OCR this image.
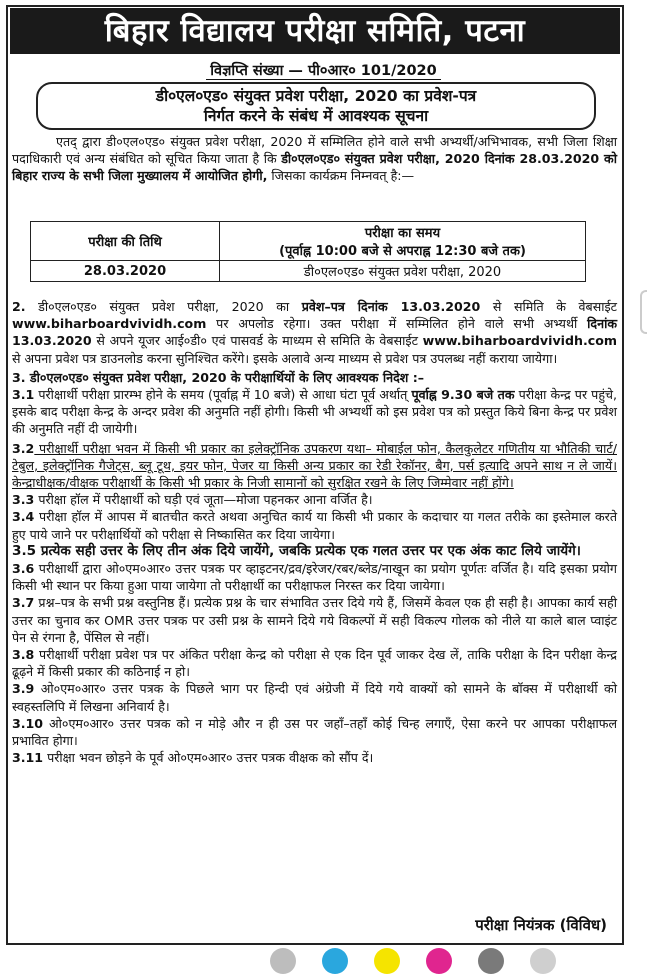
बिहार विद्यालय परीक्षा समिति, पटना
विज्ञप्ति संख्या — पी०आर० 101/2020
डी०एल०एड० संयुक्त प्रवेश परीक्षा, 2020 का प्रवेश-पत्र
निर्गत करने के संबंध में आवश्यक सूचना
एतद् द्वारा डी०एल०एड० संयुक्त प्रवेश परीक्षा, 2020 में सम्मिलित होने वाले सभी अभ्यर्थी/अभिभावक, सभी जिला शिक्षा पदाधिकारी एवं अन्य संबंधित को सूचित किया जाता है कि डी०एल०एड० संयुक्त प्रवेश परीक्षा, 2020 दिनांक 28.03.2020 को बिहार राज्य के सभी जिला मुख्यालय में आयोजित होगी, जिसका कार्यक्रम निम्नवत् है:—
परीक्षा की तिथि	परीक्षा का समय
(पूर्वाह्न 10:00 बजे से अपराह्न 12:30 बजे तक)

28.03.2020	डी०एल०एड० संयुक्त प्रवेश परीक्षा, 2020

2. डी०एल०एड० संयुक्त प्रवेश परीक्षा, 2020 का प्रवेश–पत्र दिनांक 13.03.2020 से समिति के वेबसाईट www.biharboardvividh.com पर अपलोड रहेगा। उक्त परीक्षा में सम्मिलित होने वाले सभी अभ्यर्थी दिनांक 13.03.2020 से अपने यूजर आई०डी० एवं पासवर्ड के माध्यम से समिति के वेबसाईट www.biharboardvividh.com से अपना प्रवेश पत्र डाउनलोड करना सुनिश्चित करेंगे। इसके अलावे अन्य माध्यम से प्रवेश पत्र उपलब्ध नहीं कराया जायेगा।

3. डी०एल०एड० संयुक्त प्रवेश परीक्षा, 2020 के परीक्षार्थियों के लिए आवश्यक निदेश :–

3.1 परीक्षार्थी परीक्षा प्रारम्भ होने के समय (पूर्वाह्न में 10 बजे) से आधा घंटा पूर्व अर्थात् पूर्वाह्न 9.30 बजे तक परीक्षा केन्द्र पर पहुंचे, इसके बाद परीक्षा केन्द्र के अन्दर प्रवेश की अनुमति नहीं होगी। किसी भी अभ्यर्थी को इस प्रवेश पत्र को प्रस्तुत किये बिना केन्द्र पर प्रवेश की अनुमति नहीं दी जायेगी।

3.2 परीक्षार्थी परीक्षा भवन में किसी भी प्रकार का इलेक्ट्रॉनिक उपकरण यथा– मोबाईल फोन, कैलकुलेटर गणितीय या भौतिकी चार्ट/टेबुल, इलेक्ट्रॉनिक गैजेट्स, ब्लू टूथ, इयर फोन, पेजर या किसी अन्य प्रकार का रेडी रेकॉनर, बैग, पर्स इत्यादि अपने साथ न ले जायें। केन्द्राधीक्षक/वीक्षक परीक्षार्थी के किसी भी प्रकार के निजी सामानों को सुरक्षित रखने के लिए जिम्मेवार नहीं होंगे।

3.3 परीक्षा हॉल में परीक्षार्थी को घड़ी एवं जूता—मोजा पहनकर आना वर्जित है।

3.4 परीक्षा हॉल में आपस में बातचीत करते अथवा अनुचित कार्य या किसी भी प्रकार के कदाचार या गलत तरीके का इस्तेमाल करते हुए पाये जाने पर परीक्षार्थियों को परीक्षा से निष्कासित कर दिया जायेगा।

3.5 प्रत्येक सही उत्तर के लिए तीन अंक दिये जायेंगे, जबकि प्रत्येक एक गलत उत्तर पर एक अंक काट लिये जायेंगे।

3.6 परीक्षार्थी द्वारा ओ०एम०आर० उत्तर पत्रक पर व्हाइटनर/द्रव/इरेजर/रबर/ब्लेड/नाखून का प्रयोग पूर्णतः वर्जित है। यदि इसका प्रयोग किसी भी स्थान पर किया हुआ पाया जायेगा तो परीक्षार्थी का परीक्षाफल निरस्त कर दिया जायेगा।

3.7 प्रश्न–पत्र के सभी प्रश्न वस्तुनिष्ठ हैं। प्रत्येक प्रश्न के चार संभावित उत्तर दिये गये हैं, जिसमें केवल एक ही सही है। आपका कार्य सही उत्तर का चुनाव कर OMR उत्तर पत्रक पर उसी प्रश्न के सामने दिये गये विकल्पों में सही विकल्प गोलक को नीले या काले बाल प्वाइंट पेन से रंगना है, पेंसिल से नहीं।

3.8 परीक्षार्थी परीक्षा प्रवेश पत्र पर अंकित परीक्षा केन्द्र को परीक्षा से एक दिन पूर्व जाकर देख लें, ताकि परीक्षा के दिन परीक्षा केन्द्र ढूढ़ने में किसी प्रकार की कठिनाई न हो।

3.9 ओ०एम०आर० उत्तर पत्रक के पिछले भाग पर हिन्दी एवं अंग्रेजी में दिये गये वाक्यों को सामने के बॉक्स में परीक्षार्थी को स्वहस्तलिपि में लिखना अनिवार्य है।

3.10 ओ०एम०आर० उत्तर पत्रक को न मोड़े और न ही उस पर जहाँ–तहाँ कोई चिन्ह लगाएँ, ऐसा करने पर आपका परीक्षाफल प्रभावित होगा।

3.11 परीक्षा भवन छोड़ने के पूर्व ओ०एम०आर० उत्तर पत्रक वीक्षक को सौंप दें।

परीक्षा नियंत्रक (विविध)
